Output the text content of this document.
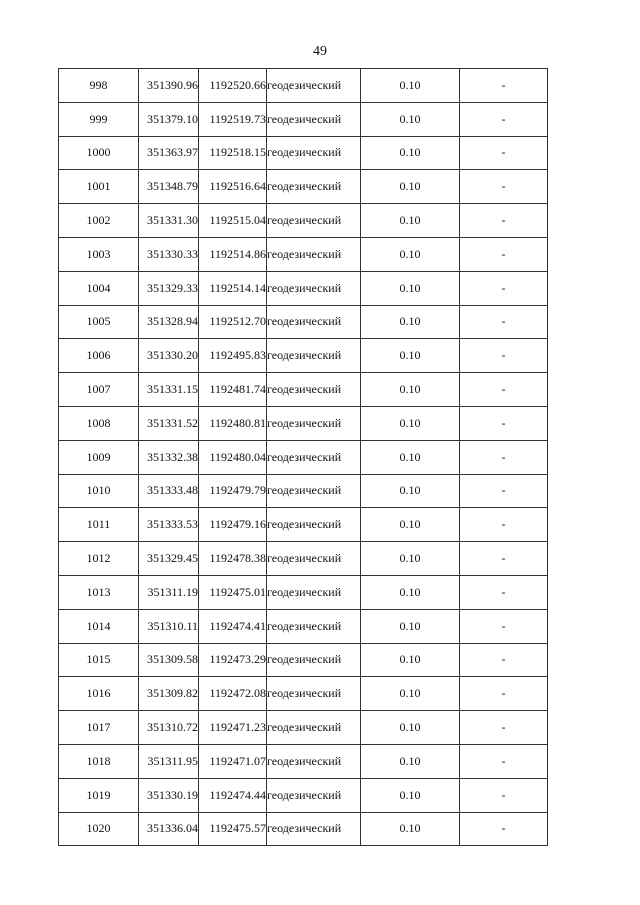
49
998	351390.96	1192520.66	геодезический	0.10	-
999	351379.10	1192519.73	геодезический	0.10	-
1000	351363.97	1192518.15	геодезический	0.10	-
1001	351348.79	1192516.64	геодезический	0.10	-
1002	351331.30	1192515.04	геодезический	0.10	-
1003	351330.33	1192514.86	геодезический	0.10	-
1004	351329.33	1192514.14	геодезический	0.10	-
1005	351328.94	1192512.70	геодезический	0.10	-
1006	351330.20	1192495.83	геодезический	0.10	-
1007	351331.15	1192481.74	геодезический	0.10	-
1008	351331.52	1192480.81	геодезический	0.10	-
1009	351332.38	1192480.04	геодезический	0.10	-
1010	351333.48	1192479.79	геодезический	0.10	-
1011	351333.53	1192479.16	геодезический	0.10	-
1012	351329.45	1192478.38	геодезический	0.10	-
1013	351311.19	1192475.01	геодезический	0.10	-
1014	351310.11	1192474.41	геодезический	0.10	-
1015	351309.58	1192473.29	геодезический	0.10	-
1016	351309.82	1192472.08	геодезический	0.10	-
1017	351310.72	1192471.23	геодезический	0.10	-
1018	351311.95	1192471.07	геодезический	0.10	-
1019	351330.19	1192474.44	геодезический	0.10	-
1020	351336.04	1192475.57	геодезический	0.10	-
